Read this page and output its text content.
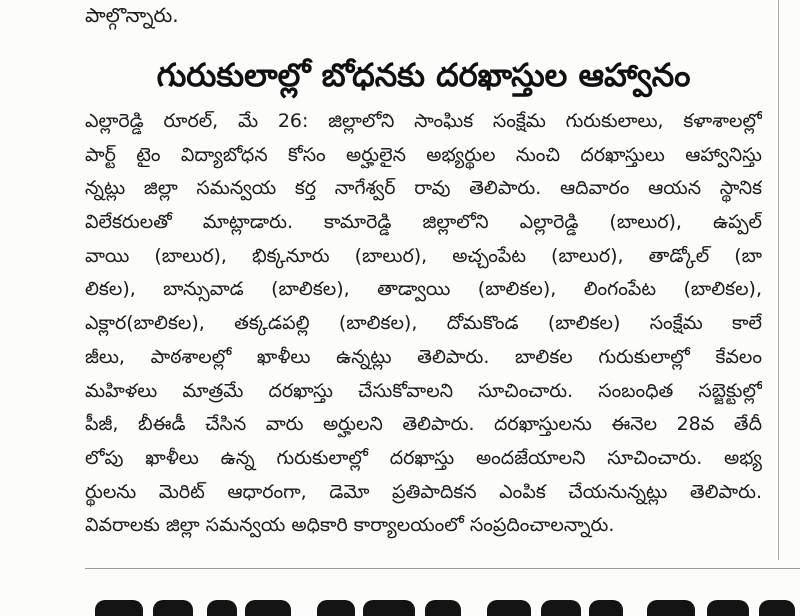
పాల్గొన్నారు.
గురుకులాల్లో బోధనకు దరఖాస్తుల ఆహ్వానం
ఎల్లారెడ్డి రూరల్, మే 26: జిల్లాలోని సాంఘిక సంక్షేమ గురుకులాలు, కళాశాలల్లో
పార్ట్ టైం విద్యాబోధన కోసం అర్హులైన అభ్యర్థుల నుంచి దరఖాస్తులు ఆహ్వానిస్తు
న్నట్లు జిల్లా సమన్వయ కర్త నాగేశ్వర్ రావు తెలిపారు. ఆదివారం ఆయన స్థానిక
విలేకరులతో మాట్లాడారు. కామారెడ్డి జిల్లాలోని ఎల్లారెడ్డి (బాలుర), ఉప్పల్
వాయి (బాలుర), భిక్కనూరు (బాలుర), అచ్చంపేట (బాలుర), తాడ్కోల్ (బా
లికల), బాన్సువాడ (బాలికల), తాడ్వాయి (బాలికల), లింగంపేట (బాలికల),
ఎక్లార(బాలికల), తక్కడపల్లి (బాలికల), దోమకొండ (బాలికల) సంక్షేమ కాలే
జీలు, పాఠశాలల్లో ఖాళీలు ఉన్నట్లు తెలిపారు. బాలికల గురుకులాల్లో కేవలం
మహిళలు మాత్రమే దరఖాస్తు చేసుకోవాలని సూచించారు. సంబంధిత సబ్జెక్టుల్లో
పీజీ, బీఈడీ చేసిన వారు అర్హులని తెలిపారు. దరఖాస్తులను ఈనెల 28వ తేదీ
లోపు ఖాళీలు ఉన్న గురుకులాల్లో దరఖాస్తు అందజేయాలని సూచించారు. అభ్య
ర్థులను మెరిట్ ఆధారంగా, డెమో ప్రతిపాదికన ఎంపిక చేయనున్నట్లు తెలిపారు.
వివరాలకు జిల్లా సమన్వయ అధికారి కార్యాలయంలో సంప్రదించాలన్నారు.
